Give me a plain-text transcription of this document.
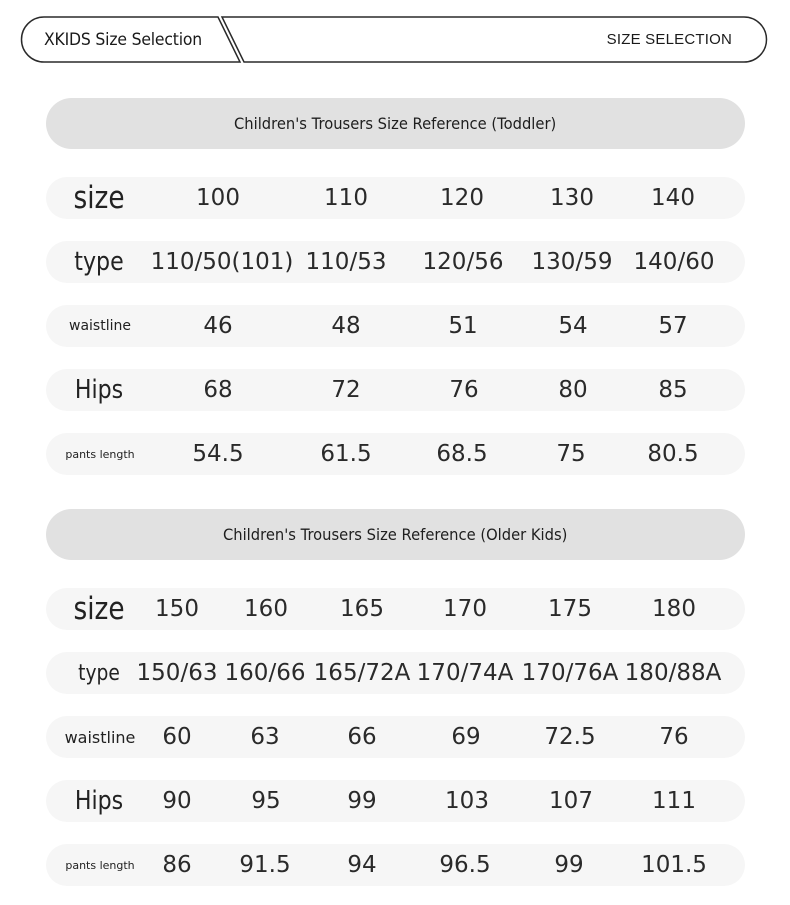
XKIDS Size Selection	SIZE SELECTION
Children's Trousers Size Reference (Toddler)
size	100	110	120	130 140
type 110/50(101) 110/53 120/56 130/59 140/60
waistline	46	48	51	54	57
Hips	68	72	76	80	85
pants length	54.5	61.5	68.5	75	80.5
Children's Trousers Size Reference (Older Kids)
size 150 160 165	170	175	180
type 150/63 160/66 165/72A 170/74A 170/76A 180/88A
waistline 60	63	66	69	72.5	76
Hips 90	95	99	103	107	111
pants length 86 91.5 94	96.5	99 101.5
